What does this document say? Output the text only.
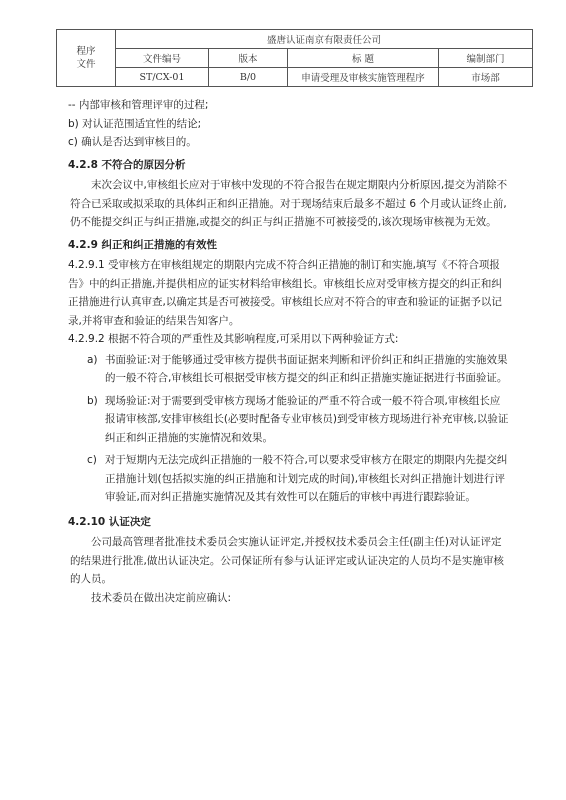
程序
文件	盛唐认证南京有限责任公司			
	文件编号	版本	标 题	编制部门
	ST/CX-01	B/0	申请受理及审核实施管理程序	市场部

-- 内部审核和管理评审的过程;

b) 对认证范围适宜性的结论;

c) 确认是否达到审核目的。

4.2.8 不符合的原因分析

末次会议中,审核组长应对于审核中发现的不符合报告在规定期限内分析原因,提交为消除不符合已采取或拟采取的具体纠正和纠正措施。对于现场结束后最多不超过 6 个月或认证终止前,仍不能提交纠正与纠正措施,或提交的纠正与纠正措施不可被接受的,该次现场审核视为无效。

4.2.9 纠正和纠正措施的有效性

4.2.9.1 受审核方在审核组规定的期限内完成不符合纠正措施的制订和实施,填写《不符合项报告》中的纠正措施,并提供相应的证实材料给审核组长。审核组长应对受审核方提交的纠正和纠正措施进行认真审查,以确定其是否可被接受。审核组长应对不符合的审查和验证的证据予以记录,并将审查和验证的结果告知客户。

4.2.9.2 根据不符合项的严重性及其影响程度,可采用以下两种验证方式:

a) 书面验证:对于能够通过受审核方提供书面证据来判断和评价纠正和纠正措施的实施效果的一般不符合,审核组长可根据受审核方提交的纠正和纠正措施实施证据进行书面验证。

b) 现场验证:对于需要到受审核方现场才能验证的严重不符合或一般不符合项,审核组长应报请审核部,安排审核组长(必要时配备专业审核员)到受审核方现场进行补充审核,以验证纠正和纠正措施的实施情况和效果。

c) 对于短期内无法完成纠正措施的一般不符合,可以要求受审核方在限定的期限内先提交纠正措施计划(包括拟实施的纠正措施和计划完成的时间),审核组长对纠正措施计划进行评审验证,而对纠正措施实施情况及其有效性可以在随后的审核中再进行跟踪验证。

4.2.10 认证决定

公司最高管理者批准技术委员会实施认证评定,并授权技术委员会主任(副主任)对认证评定的结果进行批准,做出认证决定。公司保证所有参与认证评定或认证决定的人员均不是实施审核的人员。

技术委员在做出决定前应确认:
